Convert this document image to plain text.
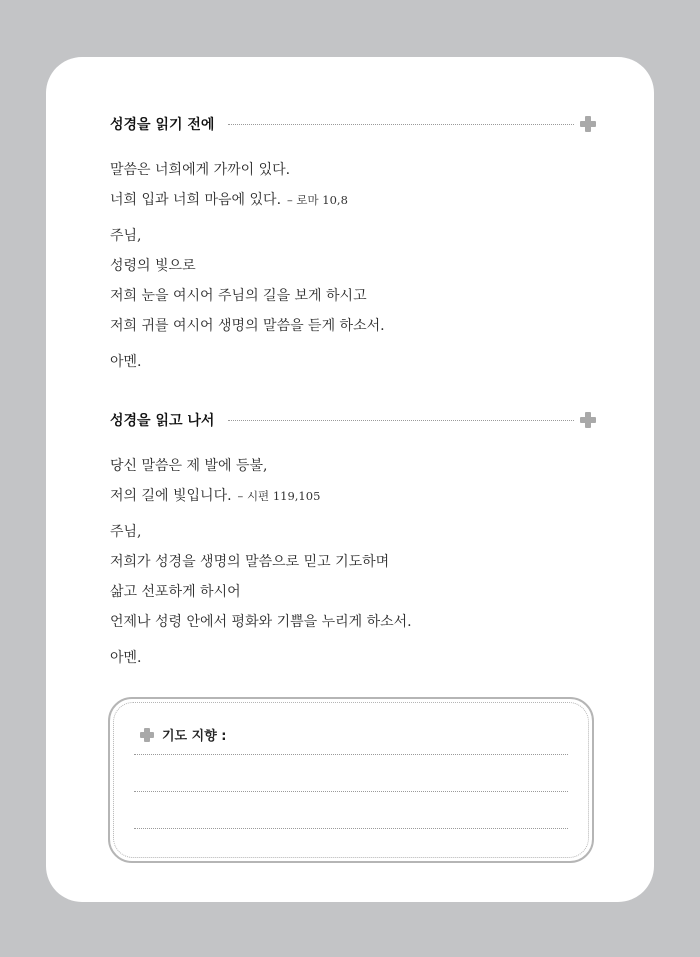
성경을 읽기 전에
말씀은 너희에게 가까이 있다.
너희 입과 너희 마음에 있다. – 로마 10,8
주님,
성령의 빛으로
저희 눈을 여시어 주님의 길을 보게 하시고
저희 귀를 여시어 생명의 말씀을 듣게 하소서.
아멘.
성경을 읽고 나서
당신 말씀은 제 발에 등불,
저의 길에 빛입니다. – 시편 119,105
주님,
저희가 성경을 생명의 말씀으로 믿고 기도하며
삶고 선포하게 하시어
언제나 성령 안에서 평화와 기쁨을 누리게 하소서.
아멘.
기도 지향 :
